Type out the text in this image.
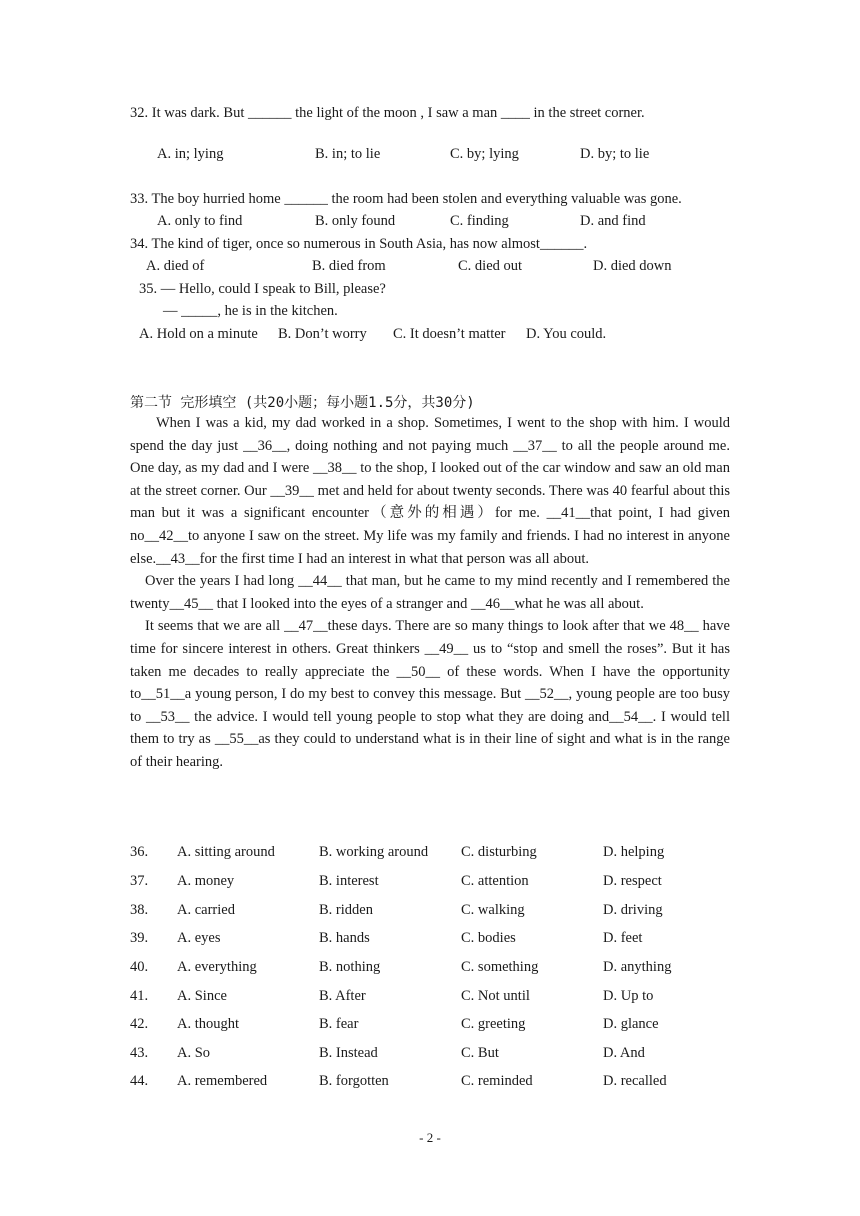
32. It was dark. But ______ the light of the moon , I saw a man ____ in the street corner.
A. in; lying	B. in; to lie	C. by; lying	D. by; to lie
33. The boy hurried home ______ the room had been stolen and everything valuable was gone.
A. only to find	B. only found	C. finding	D. and find
34. The kind of tiger, once so numerous in South Asia, has now almost______.
A. died of	B. died from	C. died out	D. died down
35. — Hello, could I speak to Bill, please?
— _____, he is in the kitchen.
A. Hold on a minute B. Don’t worry C. It doesn’t matter D. You could.
第二节 完形填空 (共20小题；每小题1.5分，共30分)

When I was a kid, my dad worked in a shop. Sometimes, I went to the shop with him. I would spend the day just __36__, doing nothing and not paying much __37__ to all the people around me. One day, as my dad and I were __38__ to the shop, I looked out of the car window and saw an old man at the street corner. Our __39__ met and held for about twenty seconds. There was 40 fearful about this man but it was a significant encounter（意外的相遇）for me. __41__that point, I had given no__42__to anyone I saw on the street. My life was my family and friends. I had no interest in anyone else.__43__for the first time I had an interest in what that person was all about.

Over the years I had long __44__ that man, but he came to my mind recently and I remembered the twenty__45__ that I looked into the eyes of a stranger and __46__what he was all about.

It seems that we are all __47__these days. There are so many things to look after that we 48__ have time for sincere interest in others. Great thinkers __49__ us to “stop and smell the roses”. But it has taken me decades to really appreciate the __50__ of these words. When I have the opportunity to__51__a young person, I do my best to convey this message. But __52__, young people are too busy to __53__ the advice. I would tell young people to stop what they are doing and__54__. I would tell them to try as __55__as they could to understand what is in their line of sight and what is in the range of their hearing.

36. A. sitting around	B. working around C. disturbing	D. helping
37. A. money	B. interest	C. attention	D. respect
38. A. carried	B. ridden	C. walking	D. driving
39. A. eyes	B. hands	C. bodies	D. feet
40. A. everything	B. nothing	C. something	D. anything
41. A. Since	B. After	C. Not until	D. Up to
42. A. thought	B. fear	C. greeting	D. glance
43. A. So	B. Instead	C. But	D. And
44. A. remembered	B. forgotten	C. reminded	D. recalled
- 2 -
